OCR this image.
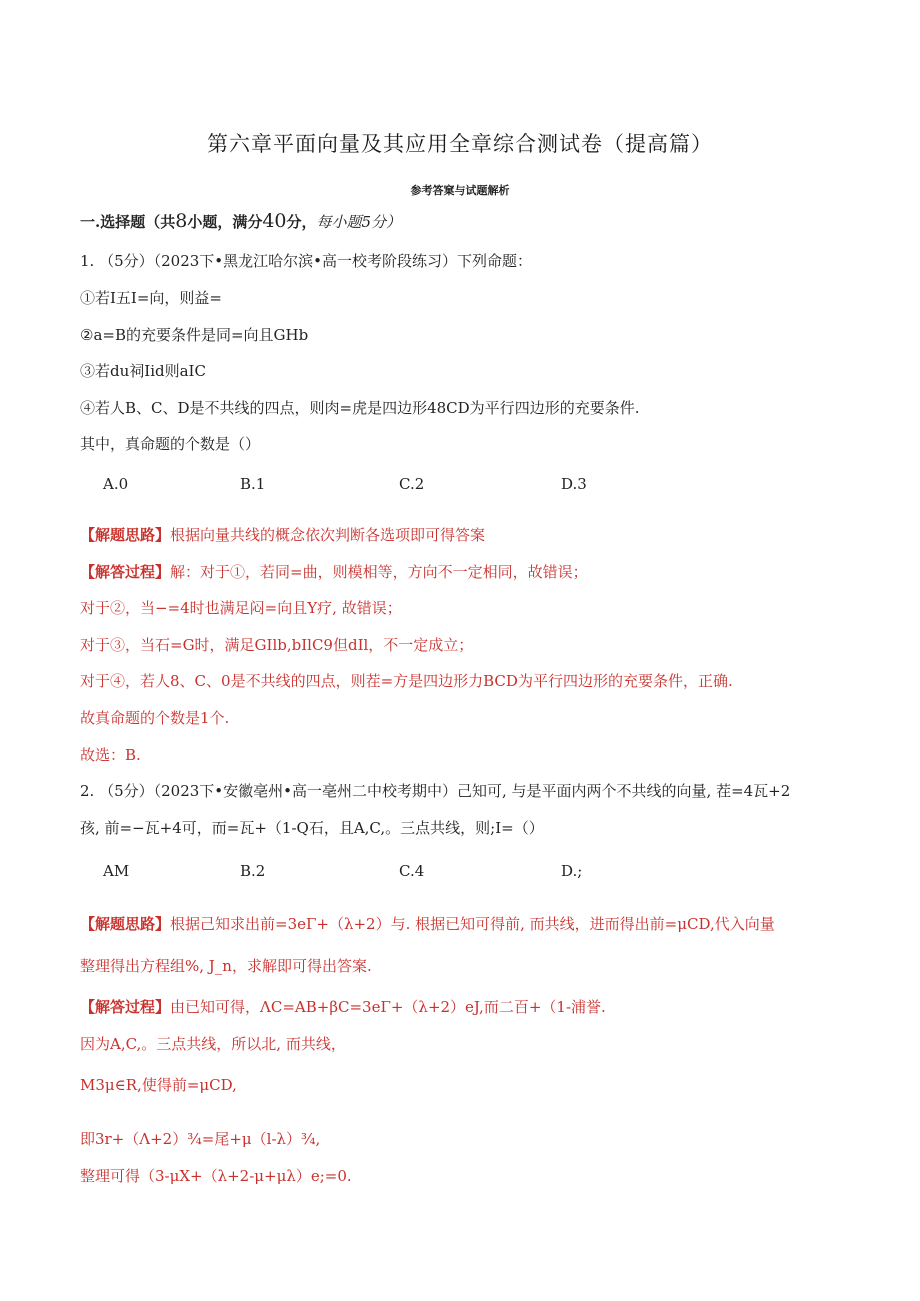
第六章平面向量及其应用全章综合测试卷（提高篇）
参考答窠与试题解析
一.选择题（共8小题，满分40分，每小题5分）
1. （5分）（2023下•黑龙江哈尔滨•高一校考阶段练习）下列命题：
①若I五I=向，则益=
②a=B的充要条件是同=向且GHb
③若du祠Iid则aIC
④若人B、C、D是不共线的四点，则肉=虎是四边形48CD为平行四边形的充要条件.
其中，真命题的个数是（）
A.0	B.1	C.2	D.3
【解题思路】根据向量共线的概念依次判断各选项即可得答案
【解答过程】解：对于①，若同=曲，则模相等，方向不一定相同，故错误；
对于②，当−=4时也满足闷=向且Y疗, 故错误；
对于③，当石=G时，满足GIlb,bIlC9但dIl，不一定成立；
对于④，若人8、C、0是不共线的四点，则茬=方是四边形力BCD为平行四边形的充要条件，正确.
故真命题的个数是1个.
故选：B.
2. （5分）（2023下•安徽亳州•高一亳州二中校考期中）己知可, 与是平面内两个不共线的向量, 茬=4瓦+2
孩, 前=−瓦+4可，而=瓦+（1-Q石，且A,C,。三点共线，则;I=（）
AM	B.2	C.4	D.;
【解题思路】根据己知求出前=3eΓ+（λ+2）与. 根据已知可得前, 而共线，进而得出前=μCD,代入向量
整理得出方程组%, J_n，求解即可得出答案.
【解答过程】由已知可得，ΛC=AB+βC=3eΓ+（λ+2）eJ,而二百+（1-浦誉.
因为A,C,。三点共线，所以北, 而共线，
M3μ∈R,使得前=μCD,
即3r+（Λ+2）¾=尾+μ（l-λ）¾,
整理可得（3-μX+（λ+2-μ+μλ）e;=0.
